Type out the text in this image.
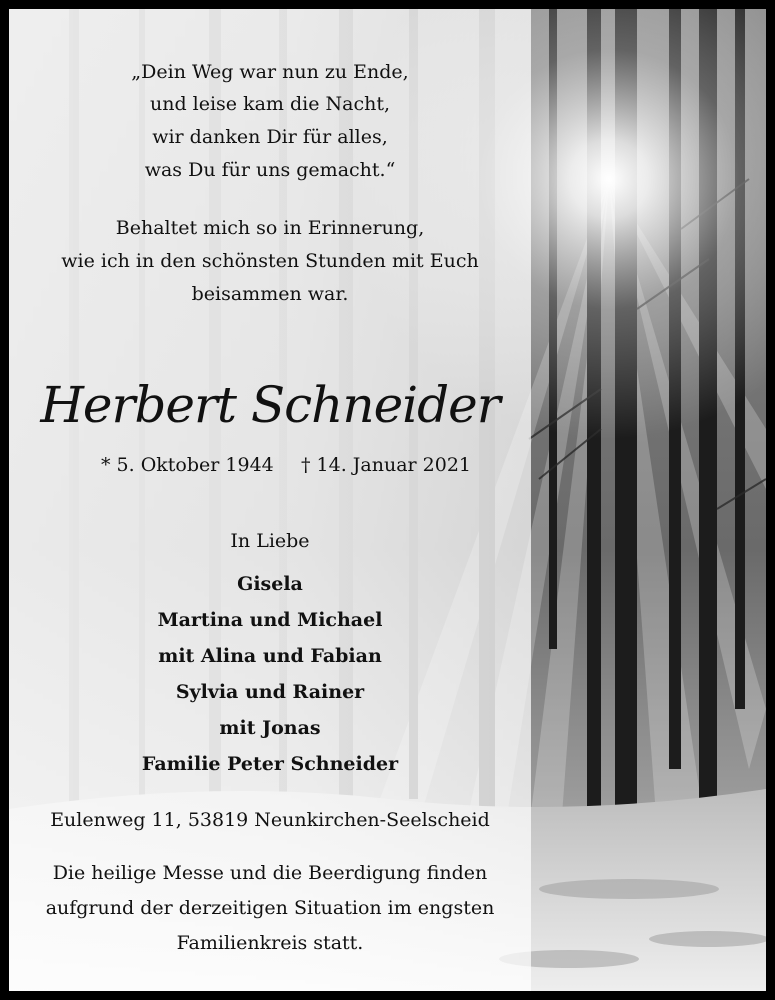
„Dein Weg war nun zu Ende,
und leise kam die Nacht,
wir danken Dir für alles,
was Du für uns gemacht.“
Behaltet mich so in Erinnerung,
wie ich in den schönsten Stunden mit Euch
beisammen war.
Herbert Schneider
* 5. Oktober 1944 † 14. Januar 2021
In Liebe
Gisela
Martina und Michael
mit Alina und Fabian
Sylvia und Rainer
mit Jonas
Familie Peter Schneider
Eulenweg 11, 53819 Neunkirchen-Seelscheid
Die heilige Messe und die Beerdigung finden
aufgrund der derzeitigen Situation im engsten
Familienkreis statt.
